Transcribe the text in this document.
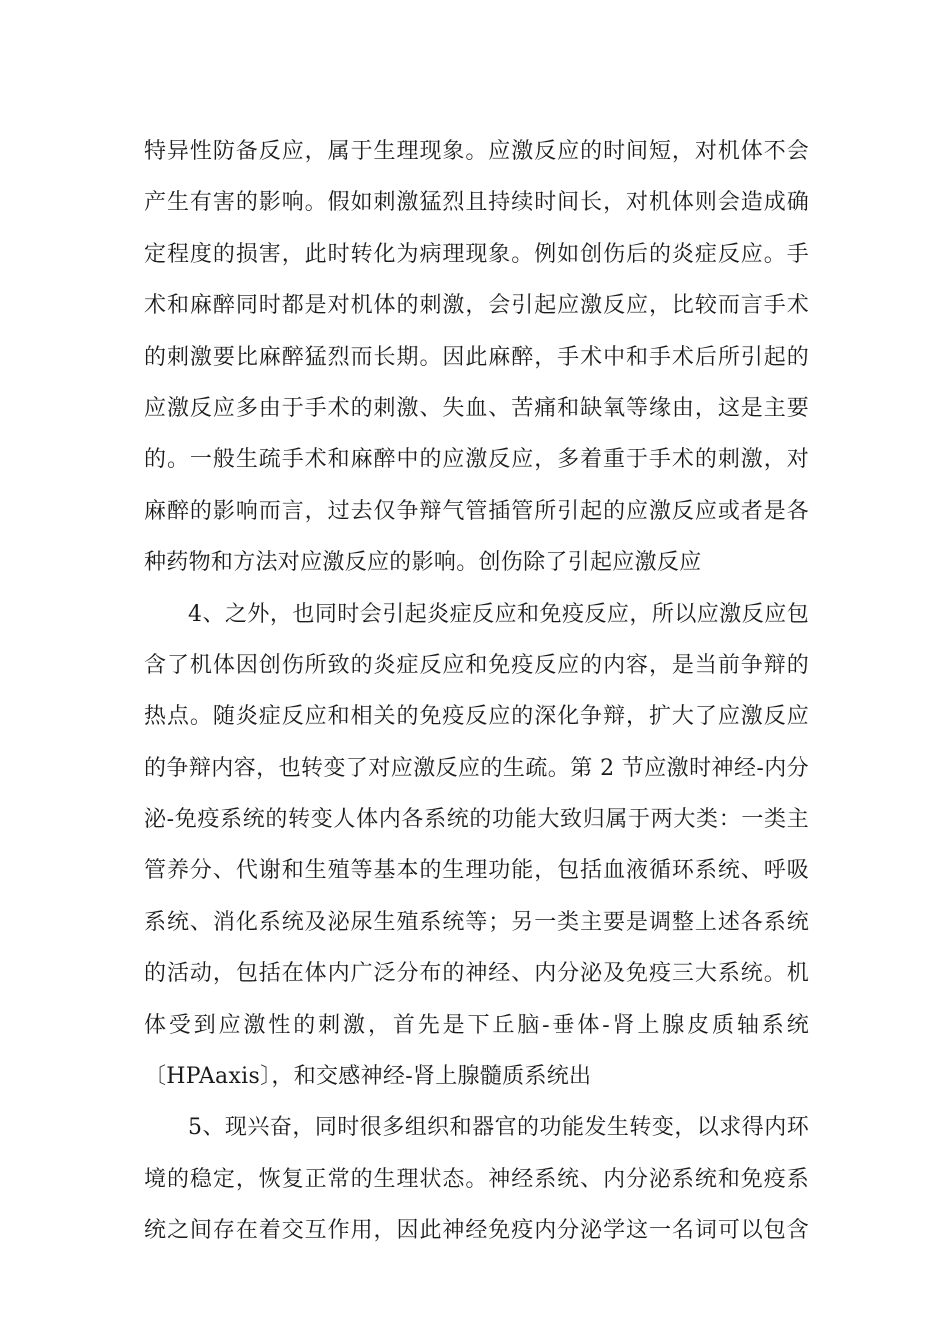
特异性防备反应，属于生理现象。应激反应的时间短，对机体不会
产生有害的影响。假如刺激猛烈且持续时间长，对机体则会造成确
定程度的损害，此时转化为病理现象。例如创伤后的炎症反应。手
术和麻醉同时都是对机体的刺激，会引起应激反应，比较而言手术
的刺激要比麻醉猛烈而长期。因此麻醉，手术中和手术后所引起的
应激反应多由于手术的刺激、失血、苦痛和缺氧等缘由，这是主要
的。一般生疏手术和麻醉中的应激反应，多着重于手术的刺激，对
麻醉的影响而言，过去仅争辩气管插管所引起的应激反应或者是各
种药物和方法对应激反应的影响。创伤除了引起应激反应
4、之外，也同时会引起炎症反应和免疫反应，所以应激反应包
含了机体因创伤所致的炎症反应和免疫反应的内容，是当前争辩的
热点。随炎症反应和相关的免疫反应的深化争辩，扩大了应激反应
的争辩内容，也转变了对应激反应的生疏。第 2 节应激时神经-内分
泌-免疫系统的转变人体内各系统的功能大致归属于两大类：一类主
管养分、代谢和生殖等基本的生理功能，包括血液循环系统、呼吸
系统、消化系统及泌尿生殖系统等；另一类主要是调整上述各系统
的活动，包括在体内广泛分布的神经、内分泌及免疫三大系统。机
体受到应激性的刺激，首先是下丘脑-垂体-肾上腺皮质轴系统
〔HPAaxis〕，和交感神经-肾上腺髓质系统出
5、现兴奋，同时很多组织和器官的功能发生转变，以求得内环
境的稳定，恢复正常的生理状态。神经系统、内分泌系统和免疫系
统之间存在着交互作用，因此神经免疫内分泌学这一名词可以包含
